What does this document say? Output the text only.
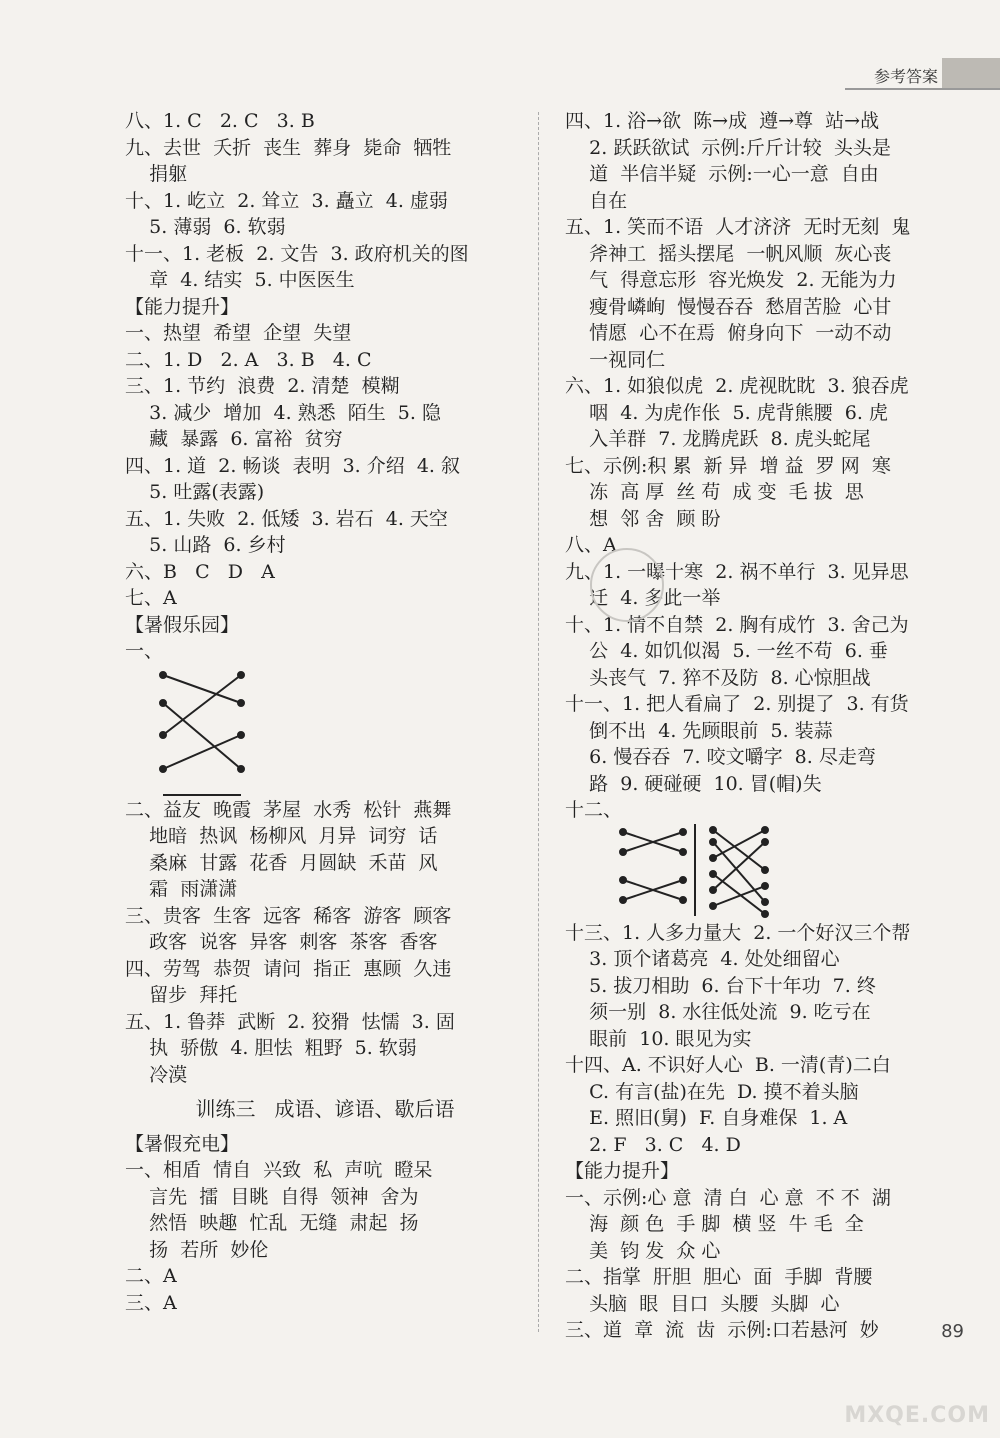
参考答案
八、1. C   2. C   3. B
九、去世  夭折  丧生  葬身  毙命  牺牲
捐躯
十、1. 屹立  2. 耸立  3. 矗立  4. 虚弱
5. 薄弱  6. 软弱
十一、1. 老板  2. 文告  3. 政府机关的图
章  4. 结实  5. 中医医生
【能力提升】
一、热望  希望  企望  失望
二、1. D   2. A   3. B   4. C
三、1. 节约  浪费  2. 清楚  模糊
3. 减少  增加  4. 熟悉  陌生  5. 隐
藏  暴露  6. 富裕  贫穷
四、1. 道  2. 畅谈  表明  3. 介绍  4. 叙
5. 吐露(表露)
五、1. 失败  2. 低矮  3. 岩石  4. 天空
5. 山路  6. 乡村
六、B   C   D   A
七、A
【暑假乐园】
一、
二、益友  晚霞  茅屋  水秀  松针  燕舞
地暗  热讽  杨柳风  月异  词穷  话
桑麻  甘露  花香  月圆缺  禾苗  风
霜  雨潇潇
三、贵客  生客  远客  稀客  游客  顾客
政客  说客  异客  刺客  茶客  香客
四、劳驾  恭贺  请问  指正  惠顾  久违
留步  拜托
五、1. 鲁莽  武断  2. 狡猾  怯懦  3. 固
执  骄傲  4. 胆怯  粗野  5. 软弱
冷漠
训练三   成语、谚语、歇后语
【暑假充电】
一、相盾  情自  兴致  私  声吭  瞪呆
言先  擂  目眺  自得  领神  舍为
然悟  映趣  忙乱  无缝  肃起  扬
扬  若所  妙伦
二、A
三、A
四、1. 浴→欲  陈→成  遵→尊  站→战
2. 跃跃欲试  示例:斤斤计较  头头是
道  半信半疑  示例:一心一意  自由
自在
五、1. 笑而不语  人才济济  无时无刻  鬼
斧神工  摇头摆尾  一帆风顺  灰心丧
气  得意忘形  容光焕发  2. 无能为力
瘦骨嶙峋  慢慢吞吞  愁眉苦脸  心甘
情愿  心不在焉  俯身向下  一动不动
一视同仁
六、1. 如狼似虎  2. 虎视眈眈  3. 狼吞虎
咽  4. 为虎作伥  5. 虎背熊腰  6. 虎
入羊群  7. 龙腾虎跃  8. 虎头蛇尾
七、示例:积 累  新 异  增 益  罗 网  寒
冻  高 厚  丝 苟  成 变  毛 拔  思
想  邻 舍  顾 盼
八、A
九、1. 一曝十寒  2. 祸不单行  3. 见异思
迁  4. 多此一举
十、1. 情不自禁  2. 胸有成竹  3. 舍己为
公  4. 如饥似渴  5. 一丝不苟  6. 垂
头丧气  7. 猝不及防  8. 心惊胆战
十一、1. 把人看扁了  2. 别提了  3. 有货
倒不出  4. 先顾眼前  5. 装蒜
6. 慢吞吞  7. 咬文嚼字  8. 尽走弯
路  9. 硬碰硬  10. 冒(帽)失
十二、
十三、1. 人多力量大  2. 一个好汉三个帮
3. 顶个诸葛亮  4. 处处细留心
5. 拔刀相助  6. 台下十年功  7. 终
须一别  8. 水往低处流  9. 吃亏在
眼前  10. 眼见为实
十四、A. 不识好人心  B. 一清(青)二白
C. 有言(盐)在先  D. 摸不着头脑
E. 照旧(舅)  F. 自身难保  1. A
2. F   3. C   4. D
【能力提升】
一、示例:心 意  清 白  心 意  不 不  湖
海  颜 色  手 脚  横 竖  牛 毛  全
美  钧 发  众 心
二、指掌  肝胆  胆心  面  手脚  背腰
头脑  眼  目口  头腰  头脚  心
三、道  章  流  齿  示例:口若悬河  妙	89
MXQE.COM
